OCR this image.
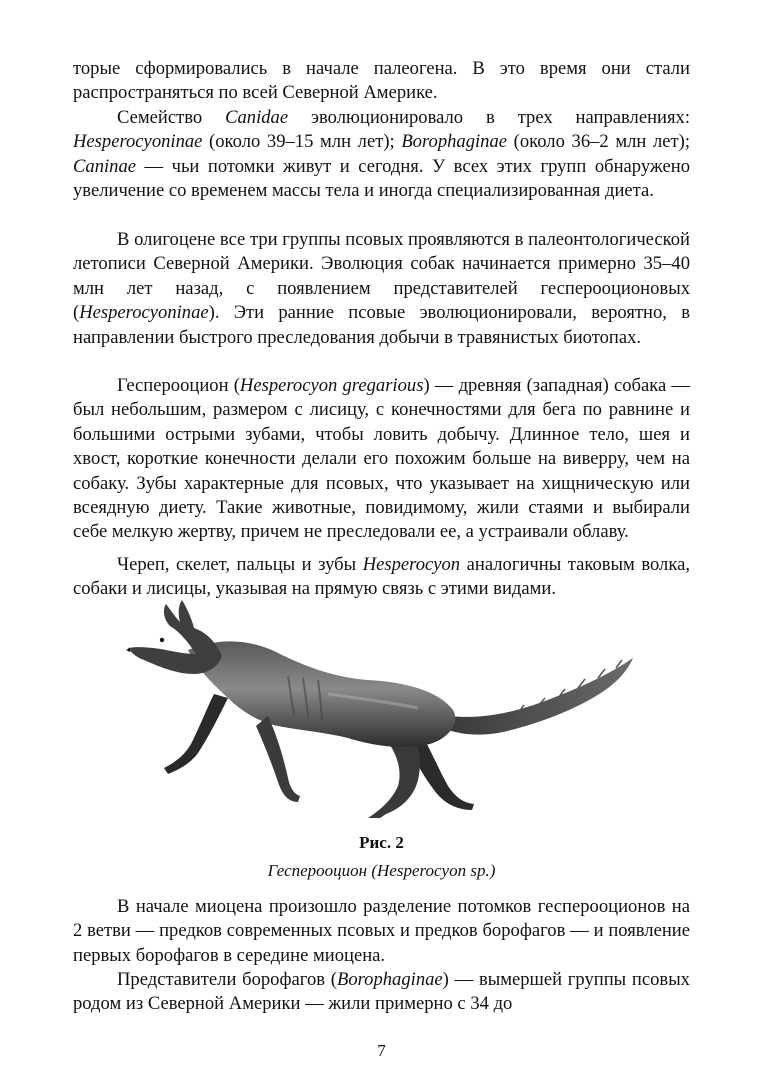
торые сформировались в начале палеогена. В это время они стали распространяться по всей Северной Америке.

Семейство Canidae эволюционировало в трех направлениях: Hesperocyoninae (около 39–15 млн лет); Borophaginae (около 36–2 млн лет); Caninae — чьи потомки живут и сегодня. У всех этих групп обнаружено увеличение со временем массы тела и иногда специализированная диета.

В олигоцене все три группы псовых проявляются в палеонтологической летописи Северной Америки. Эволюция собак начинается примерно 35–40 млн лет назад, с появлением представителей гесперооционовых (Hesperocyoninae). Эти ранние псовые эволюционировали, вероятно, в направлении быстрого преследования добычи в травянистых биотопах.

Гесперооцион (Hesperocyon gregarious) — древняя (западная) собака — был небольшим, размером с лисицу, с конечностями для бега по равнине и большими острыми зубами, чтобы ловить добычу. Длинное тело, шея и хвост, короткие конечности делали его похожим больше на виверру, чем на собаку. Зубы характерные для псовых, что указывает на хищническую или всеядную диету. Такие животные, повидимому, жили стаями и выбирали себе мелкую жертву, причем не преследовали ее, а устраивали облаву.

Череп, скелет, пальцы и зубы Hesperocyon аналогичны таковым волка, собаки и лисицы, указывая на прямую связь с этими видами.

Рис. 2
Гесперооцион (Hesperocyon sp.)

В начале миоцена произошло разделение потомков гесперооционов на 2 ветви — предков современных псовых и предков борофагов — и появление первых борофагов в середине миоцена.

Представители борофагов (Borophaginae) — вымершей группы псовых родом из Северной Америки — жили примерно с 34 до

7
